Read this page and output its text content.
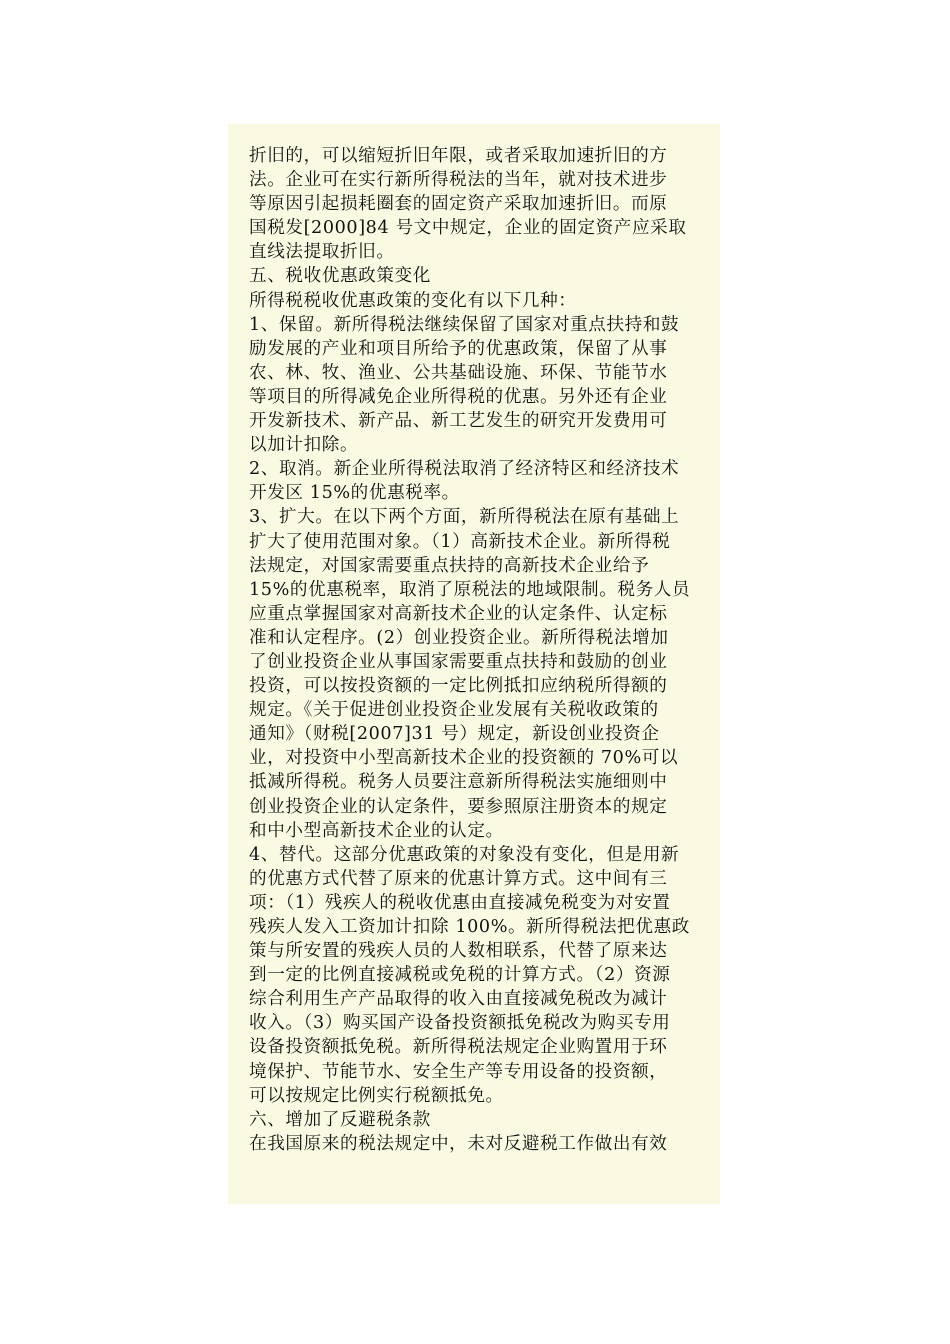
折旧的，可以缩短折旧年限，或者采取加速折旧的方
法。企业可在实行新所得税法的当年，就对技术进步
等原因引起损耗圈套的固定资产采取加速折旧。而原
国税发[2000]84 号文中规定，企业的固定资产应采取
直线法提取折旧。
五、税收优惠政策变化
所得税税收优惠政策的变化有以下几种：
1、保留。新所得税法继续保留了国家对重点扶持和鼓
励发展的产业和项目所给予的优惠政策，保留了从事
农、林、牧、渔业、公共基础设施、环保、节能节水
等项目的所得减免企业所得税的优惠。另外还有企业
开发新技术、新产品、新工艺发生的研究开发费用可
以加计扣除。
2、取消。新企业所得税法取消了经济特区和经济技术
开发区 15%的优惠税率。
3、扩大。在以下两个方面，新所得税法在原有基础上
扩大了使用范围对象。（1）高新技术企业。新所得税
法规定，对国家需要重点扶持的高新技术企业给予
15%的优惠税率，取消了原税法的地域限制。税务人员
应重点掌握国家对高新技术企业的认定条件、认定标
准和认定程序。(2）创业投资企业。新所得税法增加
了创业投资企业从事国家需要重点扶持和鼓励的创业
投资，可以按投资额的一定比例抵扣应纳税所得额的
规定。《关于促进创业投资企业发展有关税收政策的
通知》（财税[2007]31 号）规定，新设创业投资企
业，对投资中小型高新技术企业的投资额的 70%可以
抵减所得税。税务人员要注意新所得税法实施细则中
创业投资企业的认定条件，要参照原注册资本的规定
和中小型高新技术企业的认定。
4、替代。这部分优惠政策的对象没有变化，但是用新
的优惠方式代替了原来的优惠计算方式。这中间有三
项：（1）残疾人的税收优惠由直接减免税变为对安置
残疾人发入工资加计扣除 100%。新所得税法把优惠政
策与所安置的残疾人员的人数相联系，代替了原来达
到一定的比例直接减税或免税的计算方式。（2）资源
综合利用生产产品取得的收入由直接减免税改为减计
收入。（3）购买国产设备投资额抵免税改为购买专用
设备投资额抵免税。新所得税法规定企业购置用于环
境保护、节能节水、安全生产等专用设备的投资额，
可以按规定比例实行税额抵免。
六、增加了反避税条款
在我国原来的税法规定中，未对反避税工作做出有效
